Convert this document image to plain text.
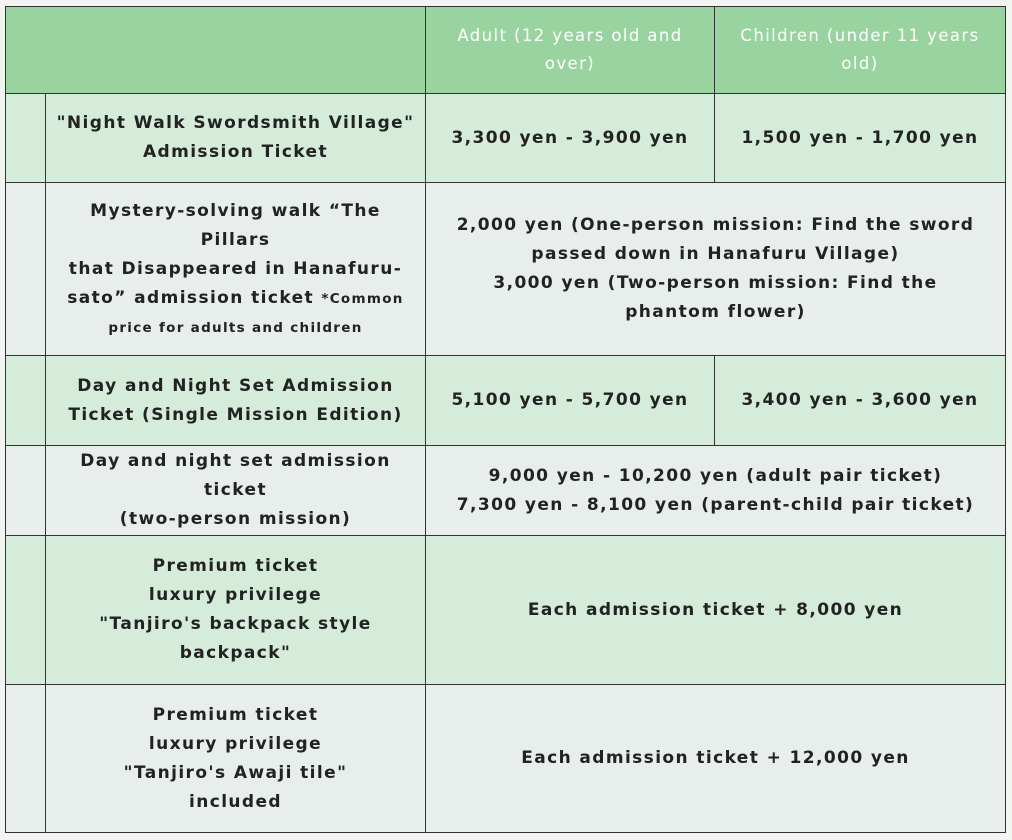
		Adult (12 years old and over)	Children (under 11 years old)
	"Night Walk Swordsmith Village"
Admission Ticket	3,300 yen - 3,900 yen	1,500 yen - 1,700 yen
	Mystery-solving walk “The Pillars
that Disappeared in Hanafuru-
sato” admission ticket *Common price for adults and children	2,000 yen (One-person mission: Find the sword passed down in Hanafuru Village)
3,000 yen (Two-person mission: Find the phantom flower)	
	Day and Night Set Admission
Ticket (Single Mission Edition)	5,100 yen - 5,700 yen	3,400 yen - 3,600 yen
	Day and night set admission ticket
(two-person mission)	9,000 yen - 10,200 yen (adult pair ticket)
7,300 yen - 8,100 yen (parent-child pair ticket)	
	Premium ticket
luxury privilege
"Tanjiro's backpack style
backpack"	Each admission ticket + 8,000 yen	
	Premium ticket
luxury privilege
"Tanjiro's Awaji tile"
included	Each admission ticket + 12,000 yen	
